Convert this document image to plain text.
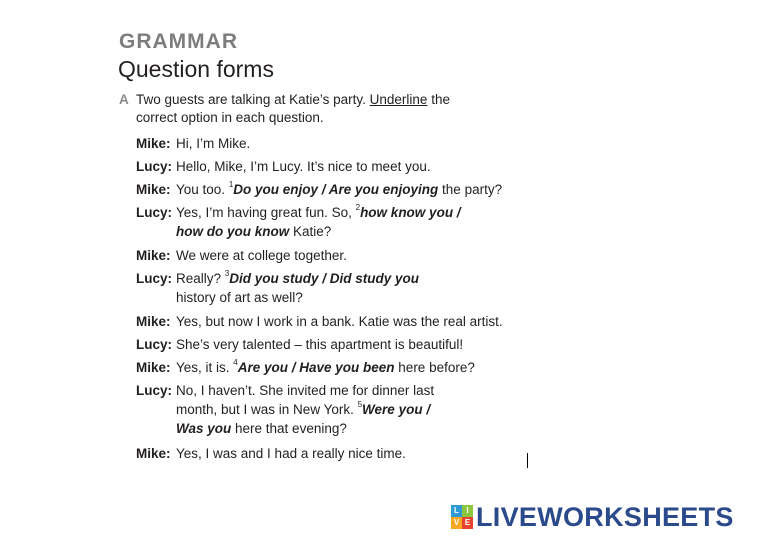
GRAMMAR
Question forms
A Two guests are talking at Katie’s party. Underline the
correct option in each question.
Mike: Hi, I’m Mike.
Lucy: Hello, Mike, I’m Lucy. It’s nice to meet you.
Mike: You too. $^1$Do you enjoy / Are you enjoying the party?
Lucy: Yes, I’m having great fun. So, $^2$how know you / how do you know Katie?
Mike: We were at college together.
Lucy: Really? $^3$Did you study / Did study you history of art as well?
Mike: Yes, but now I work in a bank. Katie was the real artist.
Lucy: She’s very talented – this apartment is beautiful!
Mike: Yes, it is. $^4$Are you / Have you been here before?
Lucy: No, I haven’t. She invited me for dinner last month, but I was in New York. $^5$Were you / Was you here that evening?
Mike: Yes, I was and I had a really nice time.
L I
V E LIVEWORKSHEETS
